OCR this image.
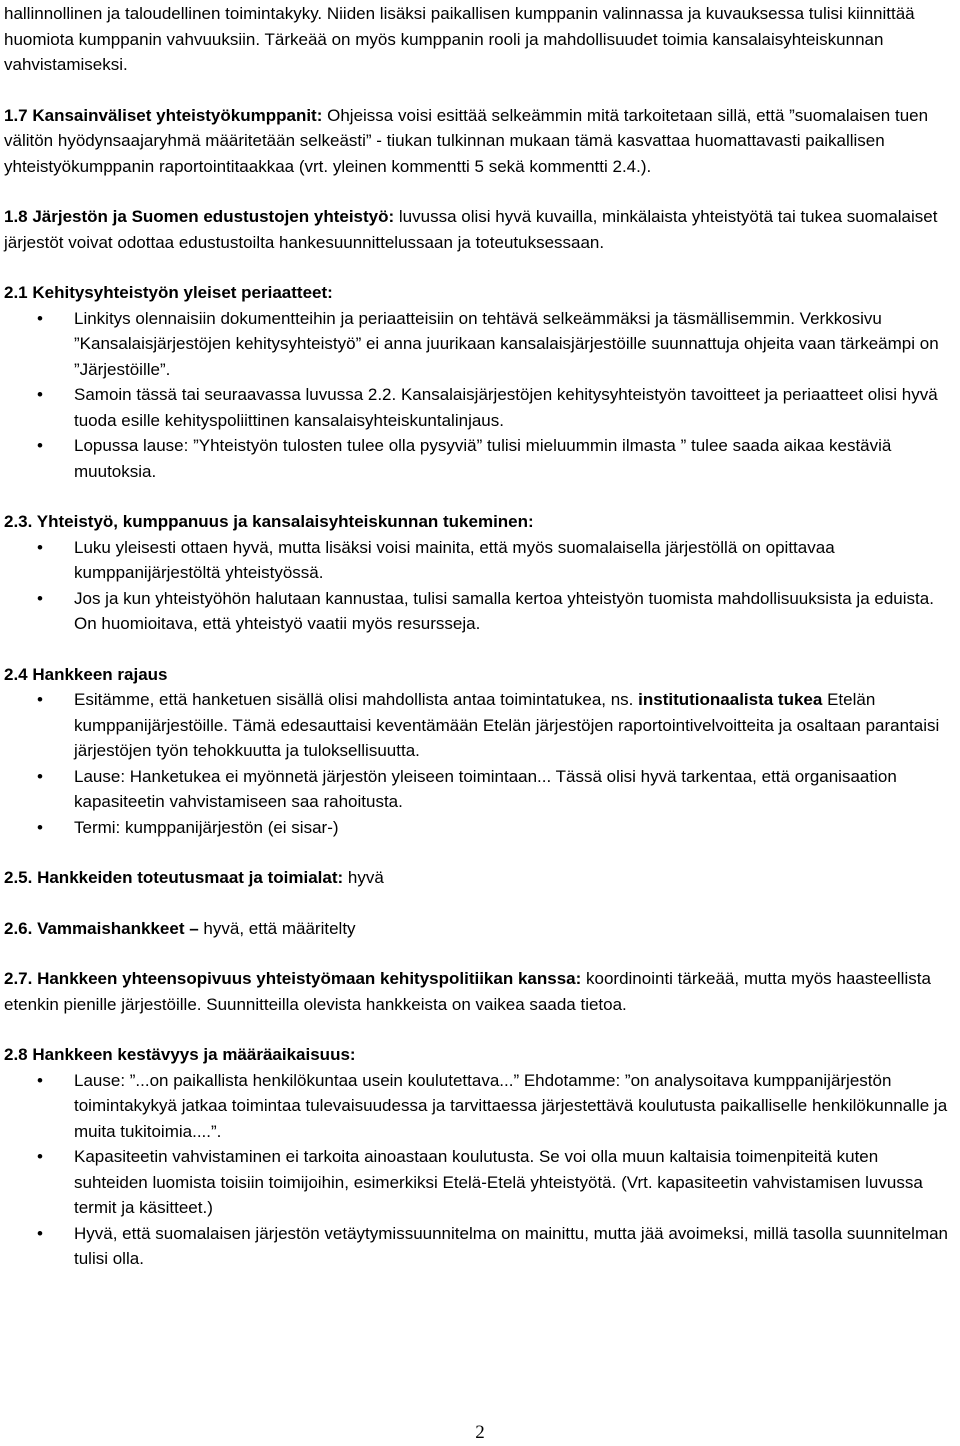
hallinnollinen ja taloudellinen toimintakyky. Niiden lisäksi paikallisen kumppanin valinnassa ja kuvauksessa tulisi kiinnittää huomiota kumppanin vahvuuksiin. Tärkeää on myös kumppanin rooli ja mahdollisuudet toimia kansalaisyhteiskunnan vahvistamiseksi.

1.7 Kansainväliset yhteistyökumppanit: Ohjeissa voisi esittää selkeämmin mitä tarkoitetaan sillä, että ”suomalaisen tuen välitön hyödynsaajaryhmä määritetään selkeästi” - tiukan tulkinnan mukaan tämä kasvattaa huomattavasti paikallisen yhteistyökumppanin raportointitaakkaa (vrt. yleinen kommentti 5 sekä kommentti 2.4.).

1.8 Järjestön ja Suomen edustustojen yhteistyö: luvussa olisi hyvä kuvailla, minkälaista yhteistyötä tai tukea suomalaiset järjestöt voivat odottaa edustustoilta hankesuunnittelussaan ja toteutuksessaan.

2.1 Kehitysyhteistyön yleiset periaatteet:

• Linkitys olennaisiin dokumentteihin ja periaatteisiin on tehtävä selkeämmäksi ja täsmällisemmin. Verkkosivu ”Kansalaisjärjestöjen kehitysyhteistyö” ei anna juurikaan kansalaisjärjestöille suunnattuja ohjeita vaan tärkeämpi on ”Järjestöille”.
• Samoin tässä tai seuraavassa luvussa 2.2. Kansalaisjärjestöjen kehitysyhteistyön tavoitteet ja periaatteet olisi hyvä tuoda esille kehityspoliittinen kansalaisyhteiskuntalinjaus.
• Lopussa lause: ”Yhteistyön tulosten tulee olla pysyviä” tulisi mieluummin ilmasta ” tulee saada aikaa kestäviä muutoksia.

2.3. Yhteistyö, kumppanuus ja kansalaisyhteiskunnan tukeminen:

• Luku yleisesti ottaen hyvä, mutta lisäksi voisi mainita, että myös suomalaisella järjestöllä on opittavaa kumppanijärjestöltä yhteistyössä.
• Jos ja kun yhteistyöhön halutaan kannustaa, tulisi samalla kertoa yhteistyön tuomista mahdollisuuksista ja eduista. On huomioitava, että yhteistyö vaatii myös resursseja.

2.4 Hankkeen rajaus

• Esitämme, että hanketuen sisällä olisi mahdollista antaa toimintatukea, ns. institutionaalista tukea Etelän kumppanijärjestöille. Tämä edesauttaisi keventämään Etelän järjestöjen raportointivelvoitteita ja osaltaan parantaisi järjestöjen työn tehokkuutta ja tuloksellisuutta.
• Lause: Hanketukea ei myönnetä järjestön yleiseen toimintaan... Tässä olisi hyvä tarkentaa, että organisaation kapasiteetin vahvistamiseen saa rahoitusta.
• Termi: kumppanijärjestön (ei sisar-)

2.5. Hankkeiden toteutusmaat ja toimialat: hyvä

2.6. Vammaishankkeet – hyvä, että määritelty

2.7. Hankkeen yhteensopivuus yhteistyömaan kehityspolitiikan kanssa: koordinointi tärkeää, mutta myös haasteellista etenkin pienille järjestöille. Suunnitteilla olevista hankkeista on vaikea saada tietoa.

2.8 Hankkeen kestävyys ja määräaikaisuus:

• Lause: ”...on paikallista henkilökuntaa usein koulutettava...” Ehdotamme: ”on analysoitava kumppanijärjestön toimintakykyä jatkaa toimintaa tulevaisuudessa ja tarvittaessa järjestettävä koulutusta paikalliselle henkilökunnalle ja muita tukitoimia....”.
• Kapasiteetin vahvistaminen ei tarkoita ainoastaan koulutusta. Se voi olla muun kaltaisia toimenpiteitä kuten suhteiden luomista toisiin toimijoihin, esimerkiksi Etelä-Etelä yhteistyötä. (Vrt. kapasiteetin vahvistamisen luvussa termit ja käsitteet.)
• Hyvä, että suomalaisen järjestön vetäytymissuunnitelma on mainittu, mutta jää avoimeksi, millä tasolla suunnitelman tulisi olla.
2
